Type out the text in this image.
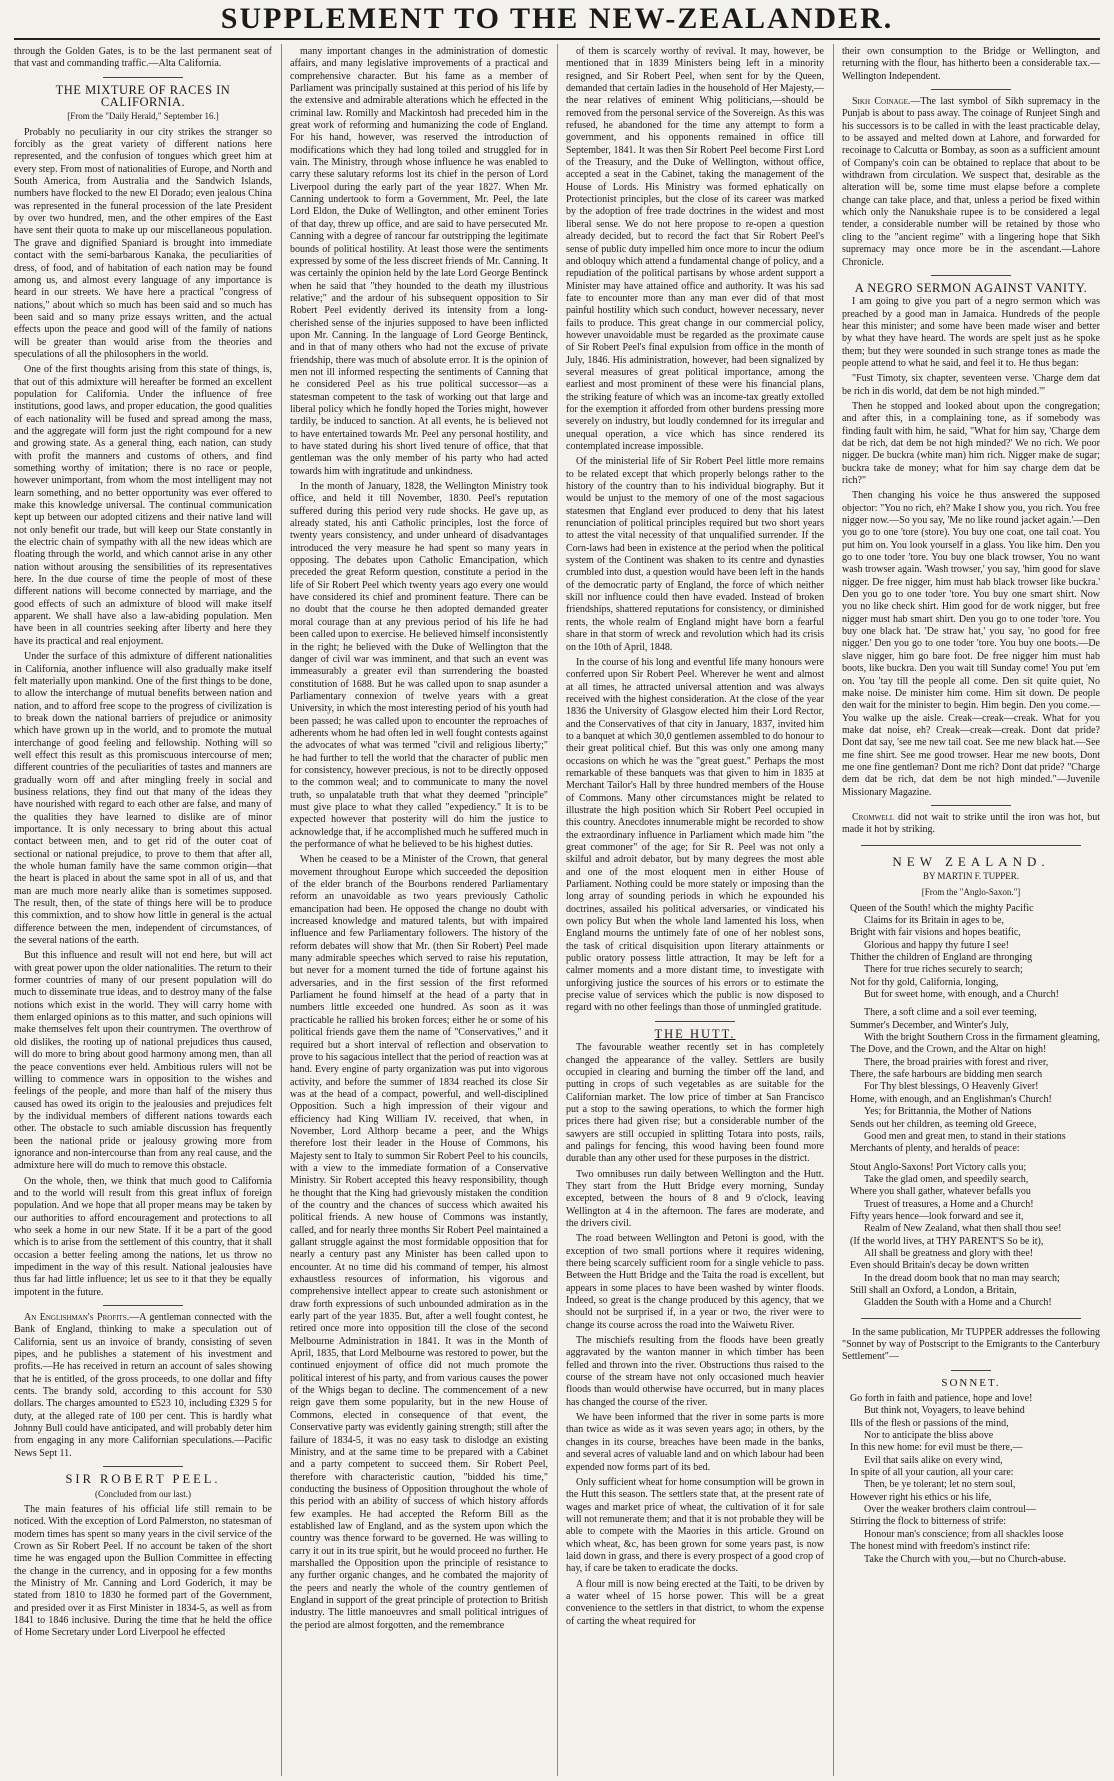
SUPPLEMENT TO THE NEW-ZEALANDER.

through the Golden Gates, is to be the last permanent seat of that vast and commanding traffic.—Alta California.

THE MIXTURE OF RACES IN CALIFORNIA.
[From the "Daily Herald," September 16.]

Probably no peculiarity in our city strikes the stranger so forcibly as the great variety of different nations here represented, and the confusion of tongues which greet him at every step. From most of nationalities of Europe, and North and South America, from Australia and the Sandwich Islands, numbers have flocked to the new El Dorado; even jealous China was represented in the funeral procession of the late President by over two hundred, men, and the other empires of the East have sent their quota to make up our miscellaneous population. The grave and dignified Spaniard is brought into immediate contact with the semi-barbarous Kanaka, the peculiarities of dress, of food, and of habitation of each nation may be found among us, and almost every language of any importance is heard in our streets. We have here a practical "congress of nations," about which so much has been said and so much has been said and so many prize essays written, and the actual effects upon the peace and good will of the family of nations will be greater than would arise from the theories and speculations of all the philosophers in the world.

One of the first thoughts arising from this state of things, is, that out of this admixture will hereafter be formed an excellent population for California. Under the influence of free institutions, good laws, and proper education, the good qualities of each nationality will be fused and spread among the mass, and the aggregate will form just the right compound for a new and growing state. As a general thing, each nation, can study with profit the manners and customs of others, and find something worthy of imitation; there is no race or people, however unimportant, from whom the most intelligent may not learn something, and no better opportunity was ever offered to make this knowledge universal. The continual communication kept up between our adopted citizens and their native land will not only benefit our trade, but will keep our State constantly in the electric chain of sympathy with all the new ideas which are floating through the world, and which cannot arise in any other nation without arousing the sensibilities of its representatives here. In the due course of time the people of most of these different nations will become connected by marriage, and the good effects of such an admixture of blood will make itself apparent. We shall have also a law-abiding population. Men have been in all countries seeking after liberty and here they have its practical and real enjoyment.

Under the surface of this admixture of different nationalities in California, another influence will also gradually make itself felt materially upon mankind. One of the first things to be done, to allow the interchange of mutual benefits between nation and nation, and to afford free scope to the progress of civilization is to break down the national barriers of prejudice or animosity which have grown up in the world, and to promote the mutual interchange of good feeling and fellowship. Nothing will so well effect this result as this promiscuous intercourse of men; different countries of the peculiarities of tastes and manners are gradually worn off and after mingling freely in social and business relations, they find out that many of the ideas they have nourished with regard to each other are false, and many of the qualities they have learned to dislike are of minor importance. It is only necessary to bring about this actual contact between men, and to get rid of the outer coat of sectional or national prejudice, to prove to them that after all, the whole human family have the same common origin—that the heart is placed in about the same spot in all of us, and that man are much more nearly alike than is sometimes supposed. The result, then, of the state of things here will be to produce this commixtion, and to show how little in general is the actual difference between the men, independent of circumstances, of the several nations of the earth.

But this influence and result will not end here, but will act with great power upon the older nationalities. The return to their former countries of many of our present population will do much to disseminate true ideas, and to destroy many of the false notions which exist in the world. They will carry home with them enlarged opinions as to this matter, and such opinions will make themselves felt upon their countrymen. The overthrow of old dislikes, the rooting up of national prejudices thus caused, will do more to bring about good harmony among men, than all the peace conventions ever held. Ambitious rulers will not be willing to commence wars in opposition to the wishes and feelings of the people, and more than half of the misery thus caused has owed its origin to the jealousies and prejudices felt by the individual members of different nations towards each other. The obstacle to such amiable discussion has frequently been the national pride or jealousy growing more from ignorance and non-intercourse than from any real cause, and the admixture here will do much to remove this obstacle.

On the whole, then, we think that much good to California and to the world will result from this great influx of foreign population. And we hope that all proper means may be taken by our authorities to afford encouragement and protections to all who seek a home in our new State. If it be a part of the good which is to arise from the settlement of this country, that it shall occasion a better feeling among the nations, let us throw no impediment in the way of this result. National jealousies have thus far had little influence; let us see to it that they be equally impotent in the future.

An Englishman's Profits.—A gentleman connected with the Bank of England, thinking to make a speculation out of California, sent us an invoice of brandy, consisting of seven pipes, and he publishes a statement of his investment and profits.—He has received in return an account of sales showing that he is entitled, of the gross proceeds, to one dollar and fifty cents. The brandy sold, according to this account for 530 dollars. The charges amounted to £523 10, including £329 5 for duty, at the alleged rate of 100 per cent. This is hardly what Johnny Bull could have anticipated, and will probably deter him from engaging in any more Californian speculations.—Pacific News Sept 11.

SIR ROBERT PEEL.
(Concluded from our last.)

The main features of his official life still remain to be noticed. With the exception of Lord Palmerston, no statesman of modern times has spent so many years in the civil service of the Crown as Sir Robert Peel. If no account be taken of the short time he was engaged upon the Bullion Committee in effecting the change in the currency, and in opposing for a few months the Ministry of Mr. Canning and Lord Goderich, it may be stated from 1810 to 1830 he formed part of the Government, and presided over it as First Minister in 1834-5, as well as from 1841 to 1846 inclusive. During the time that he held the office of Home Secretary under Lord Liverpool he effected

many important changes in the administration of domestic affairs, and many legislative improvements of a practical and comprehensive character. But his fame as a member of Parliament was principally sustained at this period of his life by the extensive and admirable alterations which he effected in the criminal law. Romilly and Mackintosh had preceded him in the great work of reforming and humanizing the code of England. For his hand, however, was reserved the introduction of modifications which they had long toiled and struggled for in vain. The Ministry, through whose influence he was enabled to carry these salutary reforms lost its chief in the person of Lord Liverpool during the early part of the year 1827. When Mr. Canning undertook to form a Government, Mr. Peel, the late Lord Eldon, the Duke of Wellington, and other eminent Tories of that day, threw up office, and are said to have persecuted Mr. Canning with a degree of rancour far outstripping the legitimate bounds of political hostility. At least those were the sentiments expressed by some of the less discreet friends of Mr. Canning. It was certainly the opinion held by the late Lord George Bentinck when he said that "they hounded to the death my illustrious relative;" and the ardour of his subsequent opposition to Sir Robert Peel evidently derived its intensity from a long-cherished sense of the injuries supposed to have been inflicted upon Mr. Canning. In the language of Lord George Bentinck, and in that of many others who had not the excuse of private friendship, there was much of absolute error. It is the opinion of men not ill informed respecting the sentiments of Canning that he considered Peel as his true political successor—as a statesman competent to the task of working out that large and liberal policy which he fondly hoped the Tories might, however tardily, be induced to sanction. At all events, he is believed not to have entertained towards Mr. Peel any personal hostility, and to have stated during his short lived tenure of office, that that gentleman was the only member of his party who had acted towards him with ingratitude and unkindness.

In the month of January, 1828, the Wellington Ministry took office, and held it till November, 1830. Peel's reputation suffered during this period very rude shocks. He gave up, as already stated, his anti Catholic principles, lost the force of twenty years consistency, and under unheard of disadvantages introduced the very measure he had spent so many years in opposing. The debates upon Catholic Emancipation, which preceded the great Reform question, constitute a period in the life of Sir Robert Peel which twenty years ago every one would have considered its chief and prominent feature. There can be no doubt that the course he then adopted demanded greater moral courage than at any previous period of his life he had been called upon to exercise. He believed himself inconsistently in the right; he believed with the Duke of Wellington that the danger of civil war was imminent, and that such an event was immeasurably a greater evil than surrendering the boasted constitution of 1688. But he was called upon to snap asunder a Parliamentary connexion of twelve years with a great University, in which the most interesting period of his youth had been passed; he was called upon to encounter the reproaches of adherents whom he had often led in well fought contests against the advocates of what was termed "civil and religious liberty;" he had further to tell the world that the character of public men for consistency, however precious, is not to be directly opposed to the common weal; and to communicate to many the novel truth, so unpalatable truth that what they deemed "principle" must give place to what they called "expediency." It is to be expected however that posterity will do him the justice to acknowledge that, if he accomplished much he suffered much in the performance of what he believed to be his highest duties.

When he ceased to be a Minister of the Crown, that general movement throughout Europe which succeeded the deposition of the elder branch of the Bourbons rendered Parliamentary reform an unavoidable as two years previously Catholic emancipation had been. He opposed the change no doubt with increased knowledge and matured talents, but with impaired influence and few Parliamentary followers. The history of the reform debates will show that Mr. (then Sir Robert) Peel made many admirable speeches which served to raise his reputation, but never for a moment turned the tide of fortune against his adversaries, and in the first session of the first reformed Parliament he found himself at the head of a party that in numbers little exceeded one hundred. As soon as it was practicable he rallied his broken forces; either he or some of his political friends gave them the name of "Conservatives," and it required but a short interval of reflection and observation to prove to his sagacious intellect that the period of reaction was at hand. Every engine of party organization was put into vigorous activity, and before the summer of 1834 reached its close Sir was at the head of a compact, powerful, and well-disciplined Opposition. Such a high impression of their vigour and efficiency had King William IV. received, that when, in November, Lord Althorp became a peer, and the Whigs therefore lost their leader in the House of Commons, his Majesty sent to Italy to summon Sir Robert Peel to his councils, with a view to the immediate formation of a Conservative Ministry. Sir Robert accepted this heavy responsibility, though he thought that the King had grievously mistaken the condition of the country and the chances of success which awaited his political friends. A new house of Commons was instantly, called, and for nearly three months Sir Robert Peel maintained a gallant struggle against the most formidable opposition that for nearly a century past any Minister has been called upon to encounter. At no time did his command of temper, his almost exhaustless resources of information, his vigorous and comprehensive intellect appear to create such astonishment or draw forth expressions of such unbounded admiration as in the early part of the year 1835. But, after a well fought contest, he retired once more into opposition till the close of the second Melbourne Administration in 1841. It was in the Month of April, 1835, that Lord Melbourne was restored to power, but the continued enjoyment of office did not much promote the political interest of his party, and from various causes the power of the Whigs began to decline. The commencement of a new reign gave them some popularity, but in the new House of Commons, elected in consequence of that event, the Conservative party was evidently gaining strength; still after the failure of 1834-5, it was no easy task to dislodge an existing Ministry, and at the same time to be prepared with a Cabinet and a party competent to succeed them. Sir Robert Peel, therefore with characteristic caution, "bidded his time," conducting the business of Opposition throughout the whole of this period with an ability of success of which history affords few examples. He had accepted the Reform Bill as the established law of England, and as the system upon which the country was thence forward to be governed. He was willing to carry it out in its true spirit, but he would proceed no further. He marshalled the Opposition upon the principle of resistance to any further organic changes, and he combated the majority of the peers and nearly the whole of the country gentlemen of England in support of the great principle of protection to British industry. The little manoeuvres and small political intrigues of the period are almost forgotten, and the remembrance

of them is scarcely worthy of revival. It may, however, be mentioned that in 1839 Ministers being left in a minority resigned, and Sir Robert Peel, when sent for by the Queen, demanded that certain ladies in the household of Her Majesty,—the near relatives of eminent Whig politicians,—should be removed from the personal service of the Sovereign. As this was refused, he abandoned for the time any attempt to form a government, and his opponents remained in office till September, 1841. It was then Sir Robert Peel become First Lord of the Treasury, and the Duke of Wellington, without office, accepted a seat in the Cabinet, taking the management of the House of Lords. His Ministry was formed ephatically on Protectionist principles, but the close of its career was marked by the adoption of free trade doctrines in the widest and most liberal sense. We do not here propose to re-open a question already decided, but to record the fact that Sir Robert Peel's sense of public duty impelled him once more to incur the odium and obloquy which attend a fundamental change of policy, and a repudiation of the political partisans by whose ardent support a Minister may have attained office and authority. It was his sad fate to encounter more than any man ever did of that most painful hostility which such conduct, however necessary, never fails to produce. This great change in our commercial policy, however unavoidable must be regarded as the proximate cause of Sir Robert Peel's final expulsion from office in the month of July, 1846. His administration, however, had been signalized by several measures of great political importance, among the earliest and most prominent of these were his financial plans, the striking feature of which was an income-tax greatly extolled for the exemption it afforded from other burdens pressing more severely on industry, but loudly condemned for its irregular and unequal operation, a vice which has since rendered its contemplated increase impossible.

Of the ministerial life of Sir Robert Peel little more remains to be related except that which properly belongs rather to the history of the country than to his individual biography. But it would be unjust to the memory of one of the most sagacious statesmen that England ever produced to deny that his latest renunciation of political principles required but two short years to attest the vital necessity of that unqualified surrender. If the Corn-laws had been in existence at the period when the political system of the Continent was shaken to its centre and dynasties crumbled into dust, a question would have been left in the hands of the democratic party of England, the force of which neither skill nor influence could then have evaded. Instead of broken friendships, shattered reputations for consistency, or diminished rents, the whole realm of England might have born a fearful share in that storm of wreck and revolution which had its crisis on the 10th of April, 1848.

In the course of his long and eventful life many honours were conferred upon Sir Robert Peel. Wherever he went and almost at all times, he attracted universal attention and was always received with the highest consideration. At the close of the year 1836 the University of Glasgow elected him their Lord Rector, and the Conservatives of that city in January, 1837, invited him to a banquet at which 30,0 gentlemen assembled to do honour to their great political chief. But this was only one among many occasions on which he was the "great guest." Perhaps the most remarkable of these banquets was that given to him in 1835 at Merchant Tailor's Hall by three hundred members of the House of Commons. Many other circumstances might be related to illustrate the high position which Sir Robert Peel occupied in this country. Anecdotes innumerable might be recorded to show the extraordinary influence in Parliament which made him "the great commoner" of the age; for Sir R. Peel was not only a skilful and adroit debator, but by many degrees the most able and one of the most eloquent men in either House of Parliament. Nothing could be more stately or imposing than the long array of sounding periods in which he expounded his doctrines, assailed his political adversaries, or vindicated his own policy But when the whole land lamented his loss, when England mourns the untimely fate of one of her noblest sons, the task of critical disquisition upon literary attainments or public oratory possess little attraction, It may be left for a calmer moments and a more distant time, to investigate with unforgiving justice the sources of his errors or to estimate the precise value of services which the public is now disposed to regard with no other feelings than those of unmingled gratitude.

THE HUTT.

The favourable weather recently set in has completely changed the appearance of the valley. Settlers are busily occupied in clearing and burning the timber off the land, and putting in crops of such vegetables as are suitable for the Californian market. The low price of timber at San Francisco put a stop to the sawing operations, to which the former high prices there had given rise; but a considerable number of the sawyers are still occupied in splitting Totara into posts, rails, and palings for fencing, this wood having been found more durable than any other used for these purposes in the district.

Two omnibuses run daily between Wellington and the Hutt. They start from the Hutt Bridge every morning, Sunday excepted, between the hours of 8 and 9 o'clock, leaving Wellington at 4 in the afternoon. The fares are moderate, and the drivers civil.

The road between Wellington and Petoni is good, with the exception of two small portions where it requires widening, there being scarcely sufficient room for a single vehicle to pass. Between the Hutt Bridge and the Taita the road is excellent, but appears in some places to have been washed by winter floods. Indeed, so great is the change produced by this agency, that we should not be surprised if, in a year or two, the river were to change its course across the road into the Waiwetu River.

The mischiefs resulting from the floods have been greatly aggravated by the wanton manner in which timber has been felled and thrown into the river. Obstructions thus raised to the course of the stream have not only occasioned much heavier floods than would otherwise have occurred, but in many places has changed the course of the river.

We have been informed that the river in some parts is more than twice as wide as it was seven years ago; in others, by the changes in its course, breaches have been made in the banks, and several acres of valuable land and on which labour had been expended now forms part of its bed.

Only sufficient wheat for home consumption will be grown in the Hutt this season. The settlers state that, at the present rate of wages and market price of wheat, the cultivation of it for sale will not remunerate them; and that it is not probable they will be able to compete with the Maories in this article. Ground on which wheat, &c, has been grown for some years past, is now laid down in grass, and there is every prospect of a good crop of hay, if care be taken to eradicate the docks.

A flour mill is now being erected at the Taiti, to be driven by a water wheel of 15 horse power. This will be a great convenience to the settlers in that district, to whom the expense of carting the wheat required for

their own consumption to the Bridge or Wellington, and returning with the flour, has hitherto been a considerable tax.—Wellington Independent.

Sikh Coinage.—The last symbol of Sikh supremacy in the Punjab is about to pass away. The coinage of Runjeet Singh and his successors is to be called in with the least practicable delay, to be assayed and melted down at Lahore, and forwarded for recoinage to Calcutta or Bombay, as soon as a sufficient amount of Company's coin can be obtained to replace that about to be withdrawn from circulation. We suspect that, desirable as the alteration will be, some time must elapse before a complete change can take place, and that, unless a period be fixed within which only the Nanukshaie rupee is to be considered a legal tender, a considerable number will be retained by those who cling to the "ancient regime" with a lingering hope that Sikh supremacy may once more be in the ascendant.—Lahore Chronicle.

A NEGRO SERMON AGAINST VANITY.

I am going to give you part of a negro sermon which was preached by a good man in Jamaica. Hundreds of the people hear this minister; and some have been made wiser and better by what they have heard. The words are spelt just as he spoke them; but they were sounded in such strange tones as made the people attend to what he said, and feel it to. He thus began:

"Fust Timoty, six chapter, seventeen verse. 'Charge dem dat be rich in dis world, dat dem be not high minded.'"

Then he stopped and looked about upon the congregation; and after this, in a complaining tone, as if somebody was finding fault with him, he said, "What for him say, 'Charge dem dat be rich, dat dem be not high minded?' We no rich. We poor nigger. De buckra (white man) him rich. Nigger make de sugar; buckra take de money; what for him say charge dem dat be rich?"

Then changing his voice he thus answered the supposed objector: "You no rich, eh? Make I show you, you rich. You free nigger now.—So you say, 'Me no like round jacket again.'—Den you go to one 'tore (store). You buy one coat, one tail coat. You put him on. You look yourself in a glass. You like him. Den you go to one toder 'tore. You buy one black trowser, You no want wash trowser again. 'Wash trowser,' you say, 'him good for slave nigger. De free nigger, him must hab black trowser like buckra.' Den you go to one toder 'tore. You buy one smart shirt. Now you no like check shirt. Him good for de work nigger, but free nigger must hab smart shirt. Den you go to one toder 'tore. You buy one black hat. 'De straw hat,' you say, 'no good for free nigger.' Den you go to one toder 'tore. You buy one boots.—De slave nigger, him go bare foot. De free nigger him must hab boots, like buckra. Den you wait till Sunday come! You put 'em on. You 'tay till the people all come. Den sit quite quiet, No make noise. De minister him come. Him sit down. De people den wait for the minister to begin. Him begin. Den you come.—You walke up the aisle. Creak—creak—creak. What for you make dat noise, eh? Creak—creak—creak. Dont dat pride? Dont dat say, 'see me new tail coat. See me new black hat.—See me fine shirt. See me good trowser. Hear me new boots, Dont me one fine gentleman? Dont me rich? Dont dat pride? "Charge dem dat be rich, dat dem be not high minded."—Juvenile Missionary Magazine.

Cromwell did not wait to strike until the iron was hot, but made it hot by striking.

NEW ZEALAND.
BY MARTIN F. TUPPER.
[From the "Anglo-Saxon."]
Queen of the South! which the mighty Pacific
Claims for its Britain in ages to be,
Bright with fair visions and hopes beatific,
Glorious and happy thy future I see!
Thither the children of England are thronging
There for true riches securely to search;
Not for thy gold, California, longing,
But for sweet home, with enough, and a Church!

There, a soft clime and a soil ever teeming,
Summer's December, and Winter's July,
With the bright Southern Cross in the firmament gleaming,
The Dove, and the Crown, and the Altar on high!
There, the broad prairies with forest and river,
There, the safe harbours are bidding men search
For Thy blest blessings, O Heavenly Giver!
Home, with enough, and an Englishman's Church!
Yes; for Brittannia, the Mother of Nations
Sends out her children, as teeming old Greece,
Good men and great men, to stand in their stations
Merchants of plenty, and heralds of peace:

Stout Anglo-Saxons! Port Victory calls you;
Take the glad omen, and speedily search,
Where you shall gather, whatever befalls you
Truest of treasures, a Home and a Church!
Fifty years hence—look forward and see it,
Realm of New Zealand, what then shall thou see!
(If the world lives, at THY PARENT'S So be it),
All shall be greatness and glory with thee!
Even should Britain's decay be down written
In the dread doom book that no man may search;
Still shall an Oxford, a London, a Britain,
Gladden the South with a Home and a Church!

In the same publication, Mr TUPPER addresses the following "Sonnet by way of Postscript to the Emigrants to the Canterbury Settlement"—

SONNET.
Go forth in faith and patience, hope and love!
But think not, Voyagers, to leave behind
Ills of the flesh or passions of the mind,
Nor to anticipate the bliss above
In this new home: for evil must be there,—
Evil that sails alike on every wind,
In spite of all your caution, all your care:
Then, be ye tolerant; let no stern soul,
However right his ethics or his life,
Over the weaker brothers claim controul—
Stirring the flock to bitterness of strife:
Honour man's conscience; from all shackles loose
The honest mind with freedom's instinct rife:
Take the Church with you,—but no Church-abuse.
